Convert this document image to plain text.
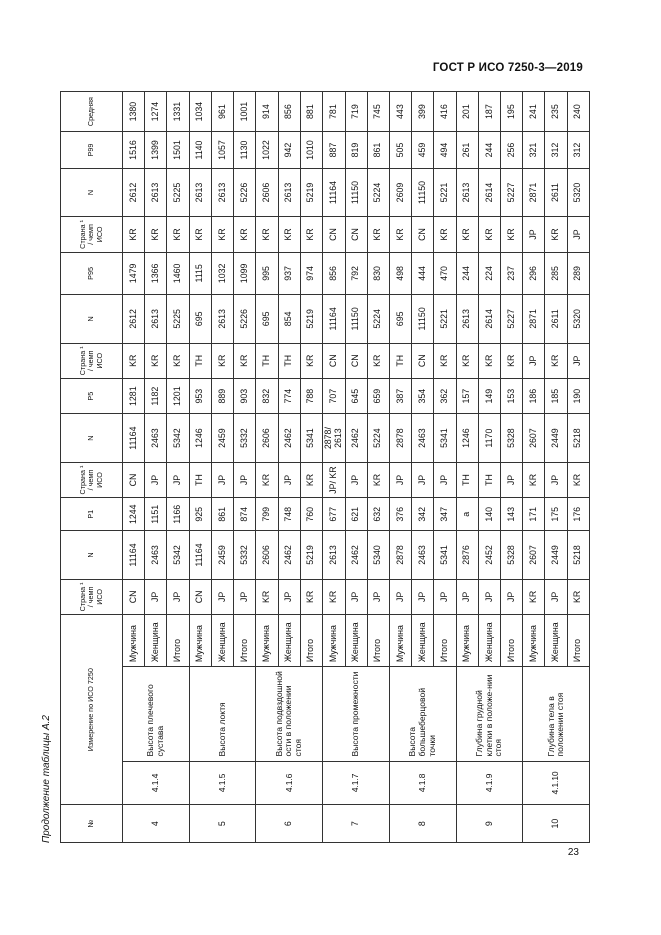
ГОСТ Р ИСО 7250-3—2019
Продолжение таблицы А.2	№	Измерение по ИСО 7250			Страна ¹ / чемп ИСО	N	P1	Страна ¹ / чемп ИСО	N	P5	Страна ¹ / чемп ИСО	N	P95	Страна ¹ / чемп ИСО	N	P99	Средняя
4	4.1.4	Высота плечевого сустава	Мужчина	CN	11164	1244	CN	11164	1281	KR	2612	1479	KR	2612	1516	1380
			Женщина	JP	2463	1151	JP	2463	1182	KR	2613	1366	KR	2613	1399	1274
			Итого	JP	5342	1166	JP	5342	1201	KR	5225	1460	KR	5225	1501	1331
5	4.1.5	Высота локтя	Мужчина	CN	11164	925	TH	1246	953	TH	695	1115	KR	2613	1140	1034
			Женщина	JP	2459	861	JP	2459	889	KR	2613	1032	KR	2613	1057	961
			Итого	JP	5332	874	JP	5332	903	KR	5226	1099	KR	5226	1130	1001
6	4.1.6	Высота подвздошной ости в положении стоя	Мужчина	KR	2606	799	KR	2606	832	TH	695	995	KR	2606	1022	914
			Женщина	JP	2462	748	JP	2462	774	TH	854	937	KR	2613	942	856
			Итого	KR	5219	760	KR	5341	788	KR	5219	974	KR	5219	1010	881
7	4.1.7	Высота промежности	Мужчина	KR	2613	677	JP/ KR	2878/ 2613	707	CN	11164	856	CN	11164	887	781
			Женщина	JP	2462	621	JP	2462	645	CN	11150	792	CN	11150	819	719
			Итого	JP	5340	632	KR	5224	659	KR	5224	830	KR	5224	861	745
8	4.1.8	Высота большеберцовой точки	Мужчина	JP	2878	376	JP	2878	387	TH	695	498	KR	2609	505	443
			Женщина	JP	2463	342	JP	2463	354	CN	11150	444	CN	11150	459	399
			Итого	JP	5341	347	JP	5341	362	KR	5221	470	KR	5221	494	416
9	4.1.9	Глубина грудной клетки в положе-нии стоя	Мужчина	JP	2876	a	TH	1246	157	KR	2613	244	KR	2613	261	201
			Женщина	JP	2452	140	TH	1170	149	KR	2614	224	KR	2614	244	187
			Итого	JP	5328	143	JP	5328	153	KR	5227	237	KR	5227	256	195
10	4.1.10	Глубина тела в положении стоя	Мужчина	KR	2607	171	KR	2607	186	JP	2871	296	JP	2871	321	241
			Женщина	JP	2449	175	JP	2449	185	KR	2611	285	KR	2611	312	235
			Итого	KR	5218	176	KR	5218	190	JP	5320	289	JP	5320	312	240
23
